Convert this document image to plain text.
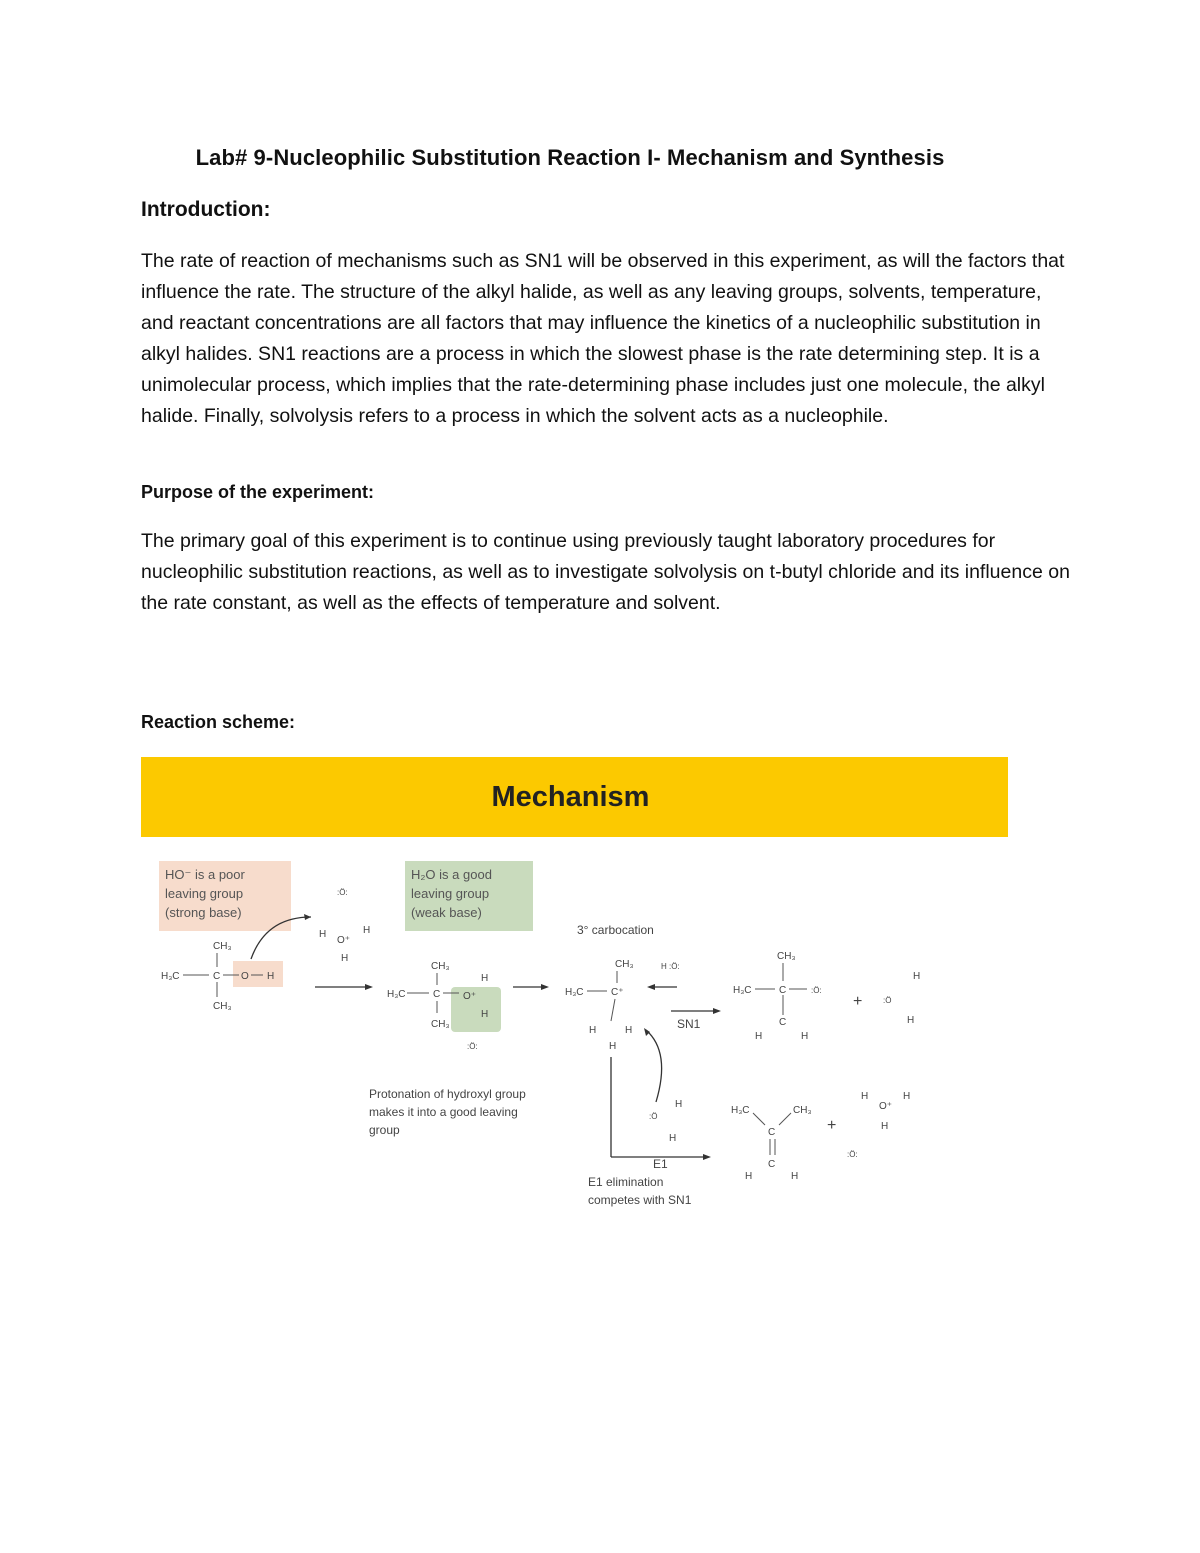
Lab# 9-Nucleophilic Substitution Reaction I- Mechanism and Synthesis
Introduction:

The rate of reaction of mechanisms such as SN1 will be observed in this experiment, as will the factors that influence the rate. The structure of the alkyl halide, as well as any leaving groups, solvents, temperature, and reactant concentrations are all factors that may influence the kinetics of a nucleophilic substitution in alkyl halides. SN1 reactions are a process in which the slowest phase is the rate determining step. It is a unimolecular process, which implies that the rate-determining phase includes just one molecule, the alkyl halide. Finally, solvolysis refers to a process in which the solvent acts as a nucleophile.

Purpose of the experiment:

The primary goal of this experiment is to continue using previously taught laboratory procedures for nucleophilic substitution reactions, as well as to investigate solvolysis on t-butyl chloride and its influence on the rate constant, as well as the effects of temperature and solvent.

Reaction scheme:
Mechanism
HO⁻ is a poor leaving group (strong base)
H₂O is a good leaving group (weak base)
3° carbocation
Protonation of hydroxyl group makes it into a good leaving group
SN1
E1
E1 elimination competes with SN1
+
+
CH₃
H₃C	C O H
CH₃
:Ö:
H
O⁺
H
H
CH₃
H₃C	C O⁺
H
H
CH₃
:Ö:
CH₃
H₃C	C⁺
H	H
H
H :Ö:
CH₃
H₃C	C	:Ö:
C
H	H
:Ö
H
H
:Ö
H
H
H₃C	CH₃
C
C
H	H
H
O⁺
H
H
:Ö:
